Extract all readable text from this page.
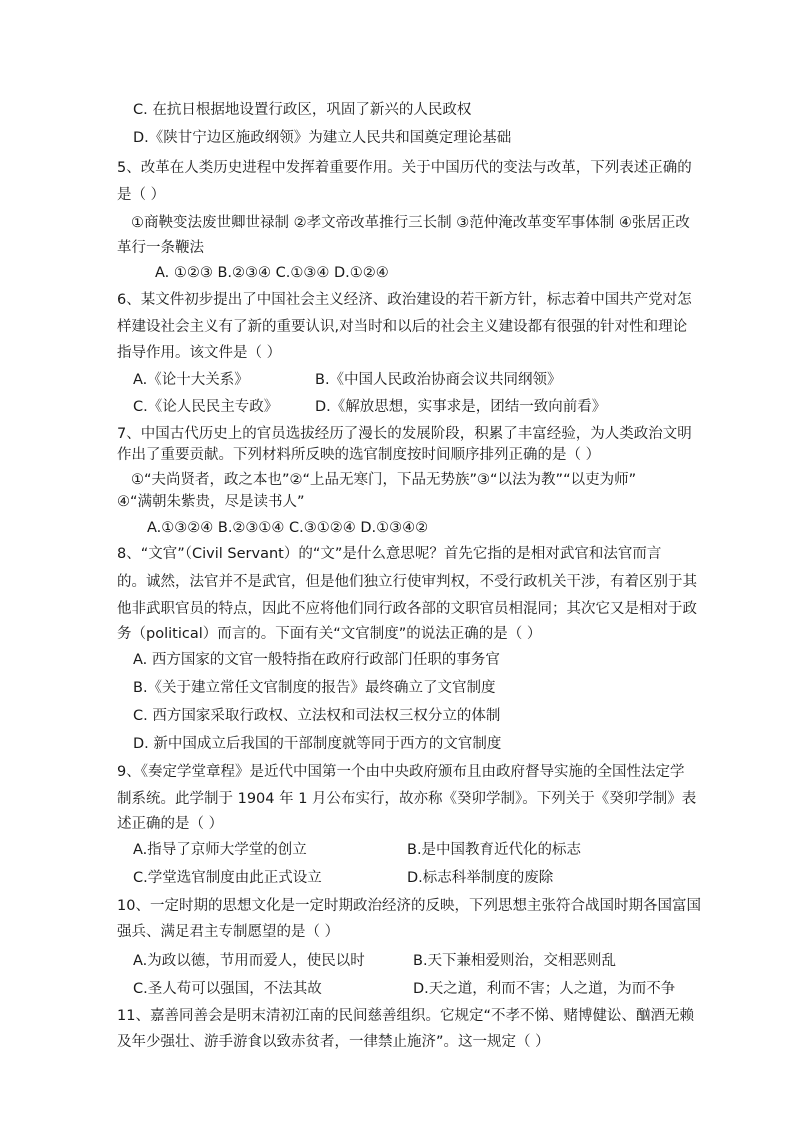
C. 在抗日根据地设置行政区，巩固了新兴的人民政权
D.《陕甘宁边区施政纲领》为建立人民共和国奠定理论基础
5、改革在人类历史进程中发挥着重要作用。关于中国历代的变法与改革，下列表述正确的
是（ ）
①商鞅变法废世卿世禄制 ②孝文帝改革推行三长制 ③范仲淹改革变军事体制 ④张居正改
革行一条鞭法
A. ①②③ B.②③④ C.①③④ D.①②④
6、某文件初步提出了中国社会主义经济、政治建设的若干新方针，标志着中国共产党对怎
样建设社会主义有了新的重要认识,对当时和以后的社会主义建设都有很强的针对性和理论
指导作用。该文件是（ ）
A.《论十大关系》	B.《中国人民政治协商会议共同纲领》
C.《论人民民主专政》	D.《解放思想，实事求是，团结一致向前看》
7、中国古代历史上的官员选拔经历了漫长的发展阶段，积累了丰富经验，为人类政治文明
作出了重要贡献。下列材料所反映的选官制度按时间顺序排列正确的是（ ）
①“夫尚贤者，政之本也”②“上品无寒门，下品无势族”③“以法为教”“以吏为师”
④“满朝朱紫贵，尽是读书人”
A.①③②④ B.②③①④ C.③①②④ D.①③④②
8、“文官”（Civil Servant）的“文”是什么意思呢？首先它指的是相对武官和法官而言
的。诚然，法官并不是武官，但是他们独立行使审判权，不受行政机关干涉，有着区别于其
他非武职官员的特点，因此不应将他们同行政各部的文职官员相混同；其次它又是相对于政
务（political）而言的。下面有关“文官制度”的说法正确的是（ ）
A. 西方国家的文官一般特指在政府行政部门任职的事务官
B.《关于建立常任文官制度的报告》最终确立了文官制度
C. 西方国家采取行政权、立法权和司法权三权分立的体制
D. 新中国成立后我国的干部制度就等同于西方的文官制度
9、《奏定学堂章程》是近代中国第一个由中央政府颁布且由政府督导实施的全国性法定学
制系统。此学制于 1904 年 1 月公布实行，故亦称《癸卯学制》。下列关于《癸卯学制》表
述正确的是（ ）
A.指导了京师大学堂的创立	B.是中国教育近代化的标志
C.学堂选官制度由此正式设立	D.标志科举制度的废除
10、一定时期的思想文化是一定时期政治经济的反映，下列思想主张符合战国时期各国富国
强兵、满足君主专制愿望的是（ ）
A.为政以德，节用而爱人，使民以时	B.天下兼相爱则治，交相恶则乱
C.圣人苟可以强国，不法其故	D.天之道，利而不害；人之道，为而不争
11、嘉善同善会是明末清初江南的民间慈善组织。它规定“不孝不悌、赌博健讼、酗酒无赖
及年少强壮、游手游食以致赤贫者，一律禁止施济”。这一规定（ ）
